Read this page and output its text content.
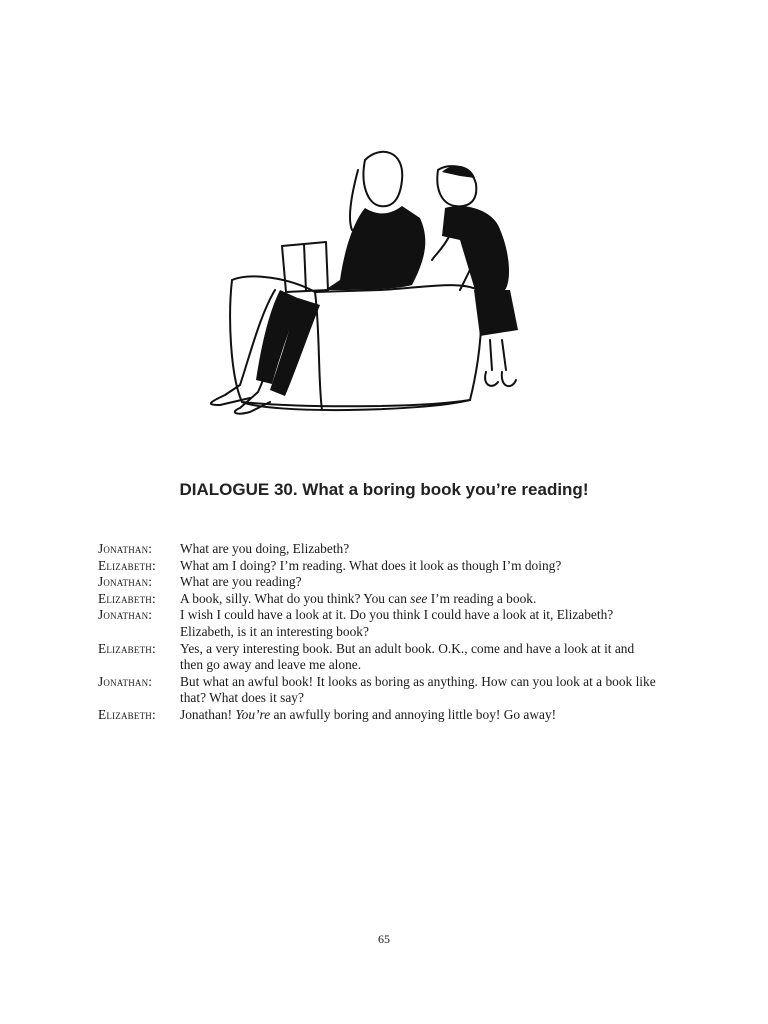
DIALOGUE 30. What a boring book you’re reading!
Jonathan:	What are you doing, Elizabeth?
Elizabeth:	What am I doing? I’m reading. What does it look as though I’m doing?
Jonathan:	What are you reading?
Elizabeth:	A book, silly. What do you think? You can see I’m reading a book.
Jonathan:	I wish I could have a look at it. Do you think I could have a look at it, Elizabeth? Elizabeth, is it an interesting book?
Elizabeth:	Yes, a very interesting book. But an adult book. O.K., come and have a look at it and then go away and leave me alone.
Jonathan:	But what an awful book! It looks as boring as anything. How can you look at a book like that? What does it say?
Elizabeth:	Jonathan! You’re an awfully boring and annoying little boy! Go away!
65
